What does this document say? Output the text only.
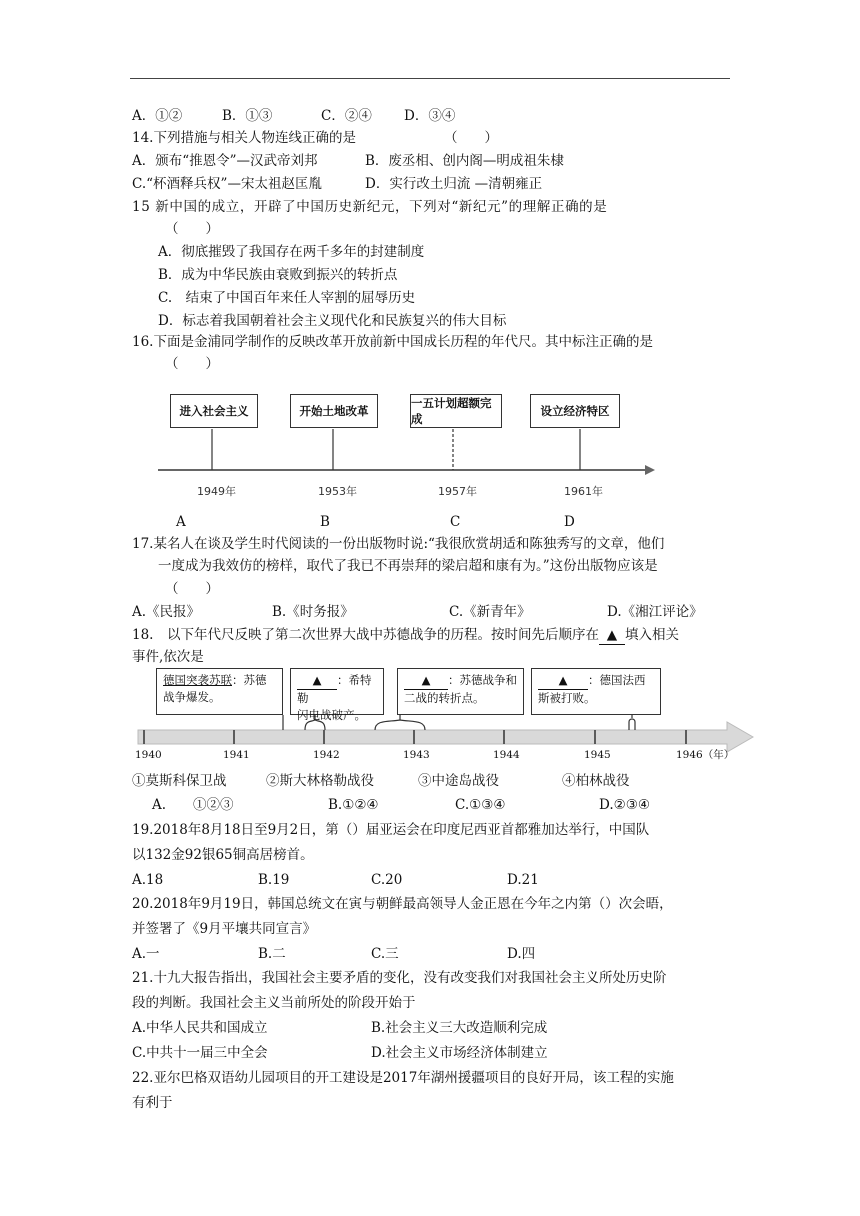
A．①②	B．①③	C．②④ D．③④
14.下列措施与相关人物连线正确的是	（　　）
A．颁布“推恩令”—汉武帝刘邦	B．废丞相、创内阁—明成祖朱棣
C.“杯酒释兵权”—宋太祖赵匡胤	D．实行改土归流 —清朝雍正
15 新中国的成立，开辟了中国历史新纪元，下列对“新纪元”的理解正确的是
（　　）
A．彻底摧毁了我国存在两千多年的封建制度
B．成为中华民族由衰败到振兴的转折点
C.　结束了中国百年来任人宰割的屈辱历史
D．标志着我国朝着社会主义现代化和民族复兴的伟大目标
16.下面是金浦同学制作的反映改革开放前新中国成长历程的年代尺。其中标注正确的是
（　　）
进入社会主义	开始土地改革
一五计划超额完成
设立经济特区
1949年	1953年	1957年	1961年
A	B	C	D
17.某名人在谈及学生时代阅读的一份出版物时说:“我很欣赏胡适和陈独秀写的文章，他们
一度成为我效仿的榜样，取代了我已不再崇拜的梁启超和康有为。”这份出版物应该是
（　　）
A.《民报》	B.《时务报》	C.《新青年》	D.《湘江评论》
18.　以下年代尺反映了第二次世界大战中苏德战争的历程。按时间先后顺序在 ▲ 填入相关
事件,依次是
德国突袭苏联：苏德
战争爆发。
▲ ：希特勒
闪电战破产。
▲ ：苏德战争和
二战的转折点。
▲ ：德国法西
斯被打败。
1940	1941	1942	1943	1944	1945	1946（年）
①莫斯科保卫战	②斯大林格勒战役	③中途岛战役	④柏林战役
A.　　①②③	B.①②④	C.①③④	D.②③④
19.2018年8月18日至9月2日，第（）届亚运会在印度尼西亚首都雅加达举行，中国队
以132金92银65铜高居榜首。
A.18	B.19	C.20	D.21
20.2018年9月19日，韩国总统文在寅与朝鲜最高领导人金正恩在今年之内第（）次会晤，
并签署了《9月平壤共同宣言》
A.一	B.二	C.三	D.四
21.十九大报告指出，我国社会主要矛盾的变化，没有改变我们对我国社会主义所处历史阶
段的判断。我国社会主义当前所处的阶段开始于
A.中华人民共和国成立	B.社会主义三大改造顺利完成
C.中共十一届三中全会	D.社会主义市场经济体制建立
22.亚尔巴格双语幼儿园项目的开工建设是2017年湖州援疆项目的良好开局，该工程的实施
有利于
